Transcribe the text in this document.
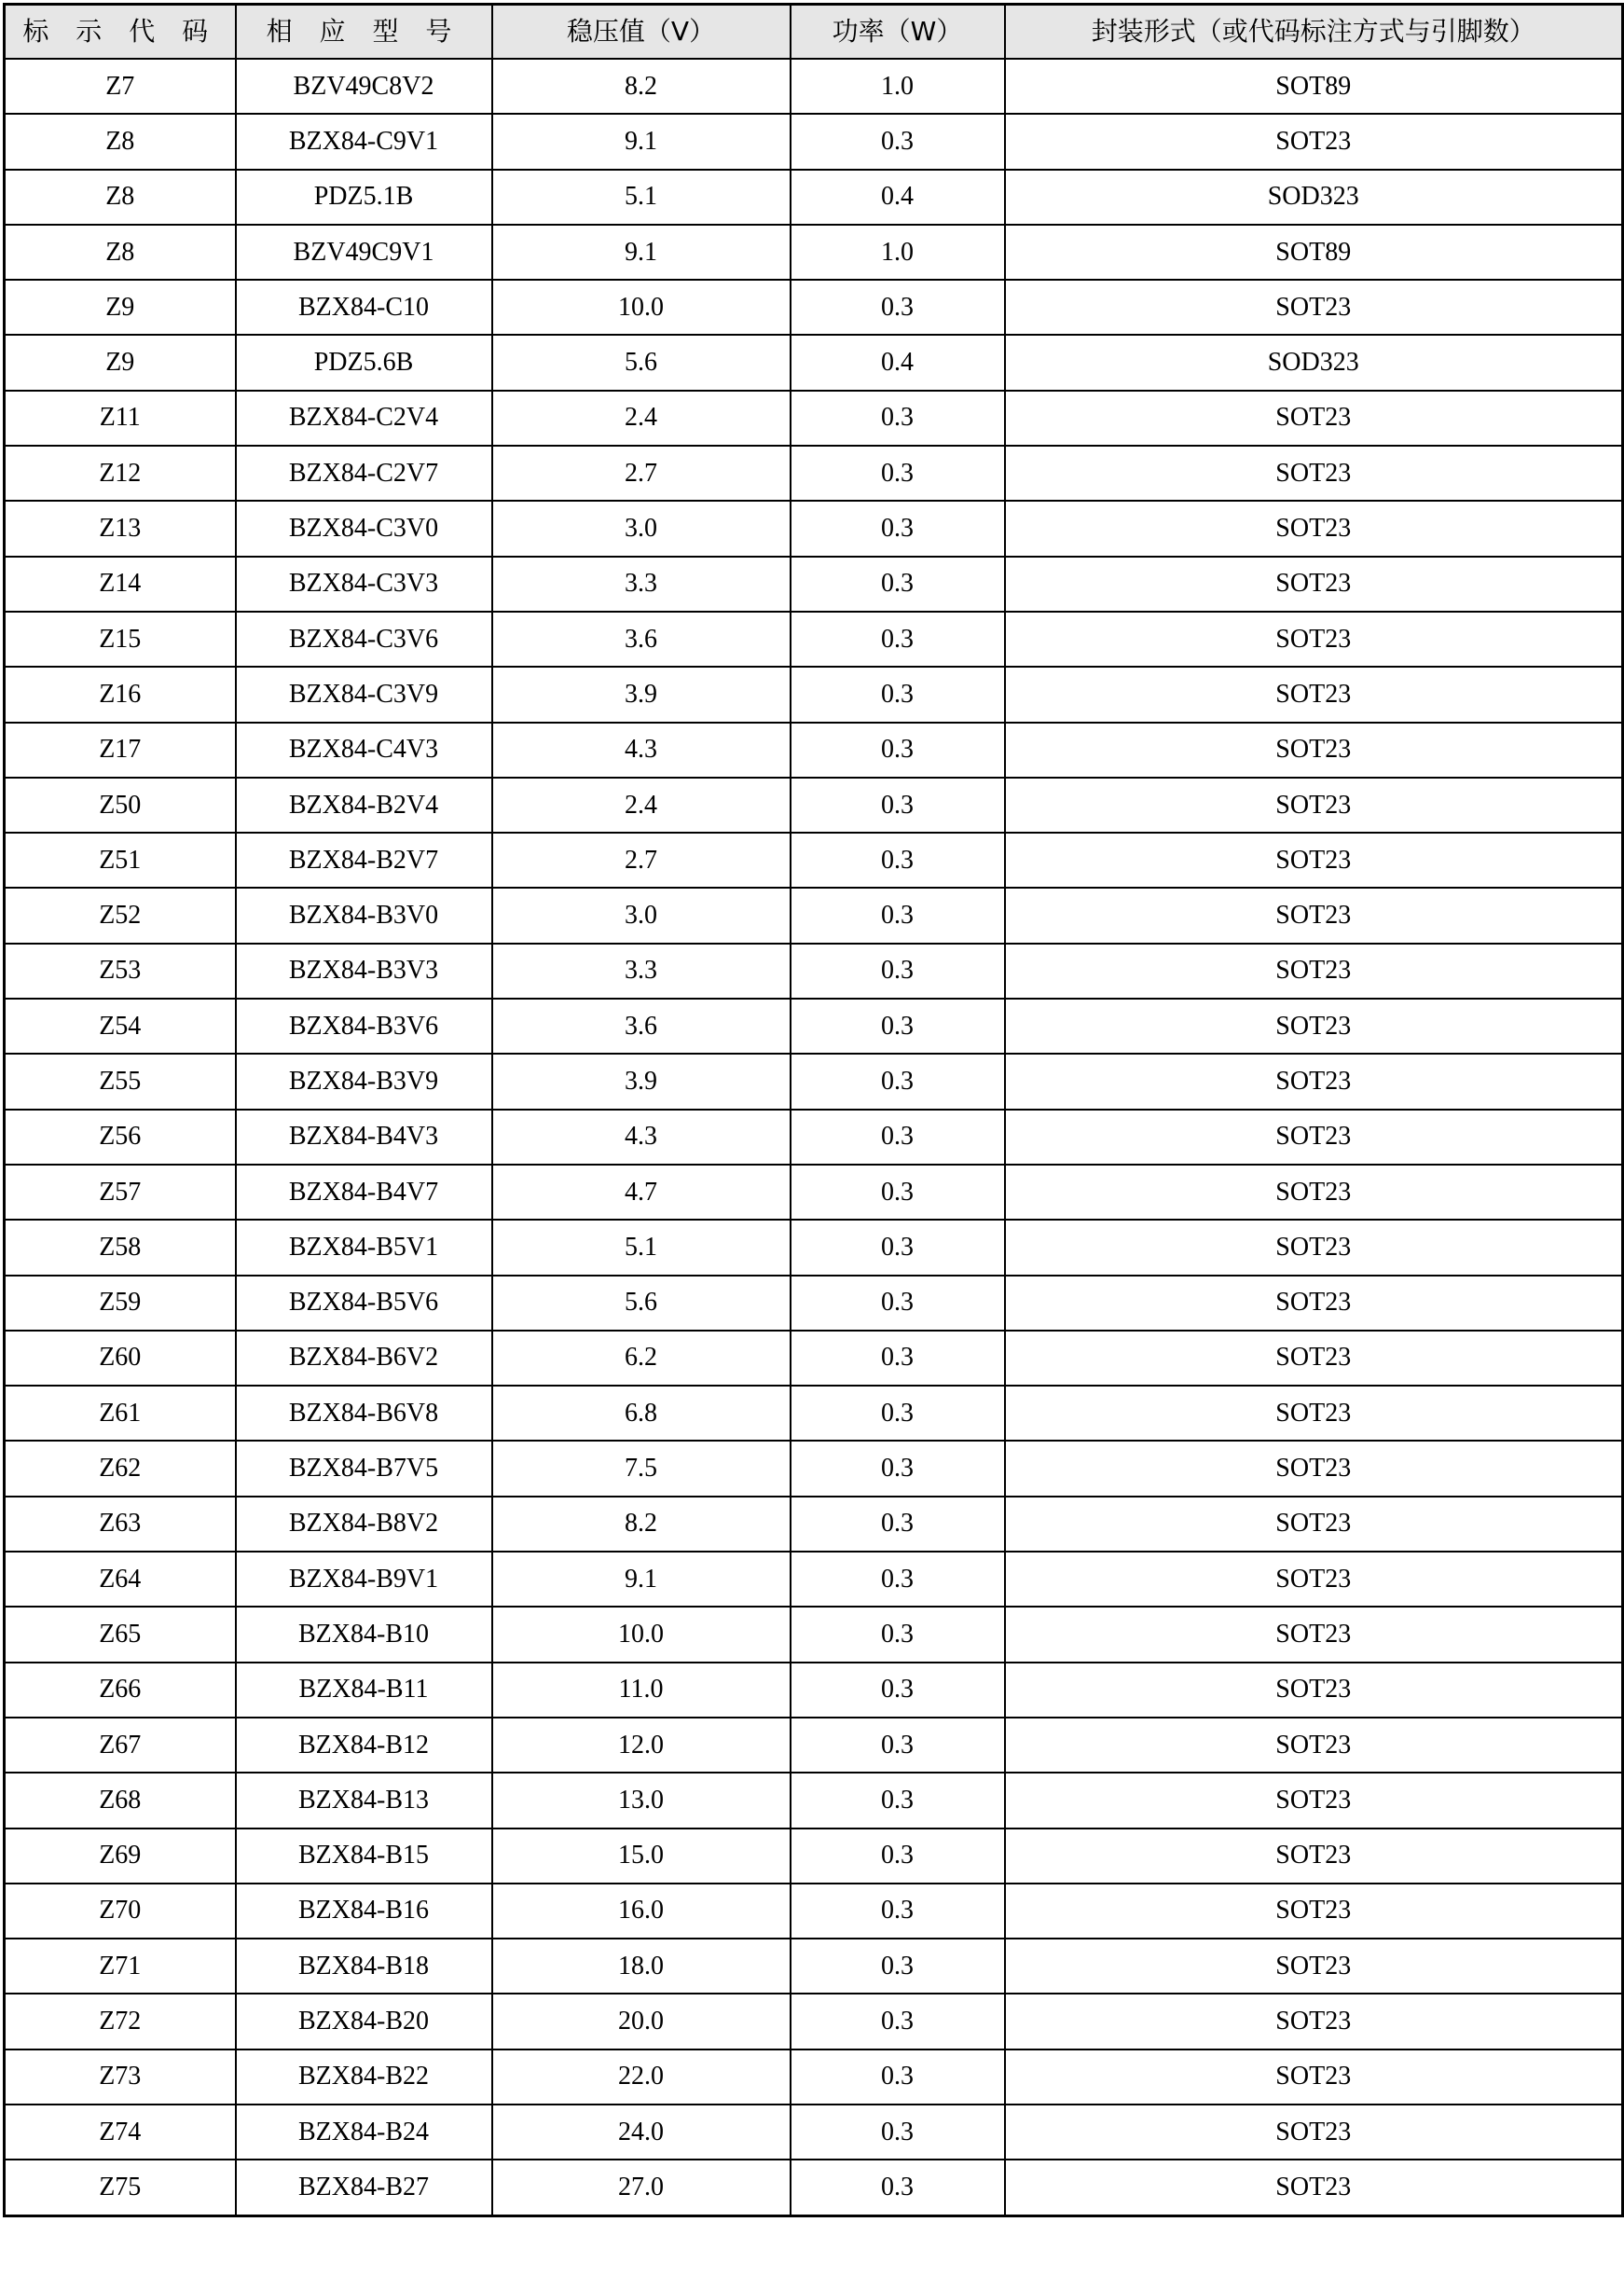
标 示 代 码	相 应 型 号	稳压值（V）	功率（W）	封装形式（或代码标注方式与引脚数）
Z7	BZV49C8V2	8.2	1.0	SOT89
Z8	BZX84-C9V1	9.1	0.3	SOT23
Z8	PDZ5.1B	5.1	0.4	SOD323
Z8	BZV49C9V1	9.1	1.0	SOT89
Z9	BZX84-C10	10.0	0.3	SOT23
Z9	PDZ5.6B	5.6	0.4	SOD323
Z11	BZX84-C2V4	2.4	0.3	SOT23
Z12	BZX84-C2V7	2.7	0.3	SOT23
Z13	BZX84-C3V0	3.0	0.3	SOT23
Z14	BZX84-C3V3	3.3	0.3	SOT23
Z15	BZX84-C3V6	3.6	0.3	SOT23
Z16	BZX84-C3V9	3.9	0.3	SOT23
Z17	BZX84-C4V3	4.3	0.3	SOT23
Z50	BZX84-B2V4	2.4	0.3	SOT23
Z51	BZX84-B2V7	2.7	0.3	SOT23
Z52	BZX84-B3V0	3.0	0.3	SOT23
Z53	BZX84-B3V3	3.3	0.3	SOT23
Z54	BZX84-B3V6	3.6	0.3	SOT23
Z55	BZX84-B3V9	3.9	0.3	SOT23
Z56	BZX84-B4V3	4.3	0.3	SOT23
Z57	BZX84-B4V7	4.7	0.3	SOT23
Z58	BZX84-B5V1	5.1	0.3	SOT23
Z59	BZX84-B5V6	5.6	0.3	SOT23
Z60	BZX84-B6V2	6.2	0.3	SOT23
Z61	BZX84-B6V8	6.8	0.3	SOT23
Z62	BZX84-B7V5	7.5	0.3	SOT23
Z63	BZX84-B8V2	8.2	0.3	SOT23
Z64	BZX84-B9V1	9.1	0.3	SOT23
Z65	BZX84-B10	10.0	0.3	SOT23
Z66	BZX84-B11	11.0	0.3	SOT23
Z67	BZX84-B12	12.0	0.3	SOT23
Z68	BZX84-B13	13.0	0.3	SOT23
Z69	BZX84-B15	15.0	0.3	SOT23
Z70	BZX84-B16	16.0	0.3	SOT23
Z71	BZX84-B18	18.0	0.3	SOT23
Z72	BZX84-B20	20.0	0.3	SOT23
Z73	BZX84-B22	22.0	0.3	SOT23
Z74	BZX84-B24	24.0	0.3	SOT23
Z75	BZX84-B27	27.0	0.3	SOT23
